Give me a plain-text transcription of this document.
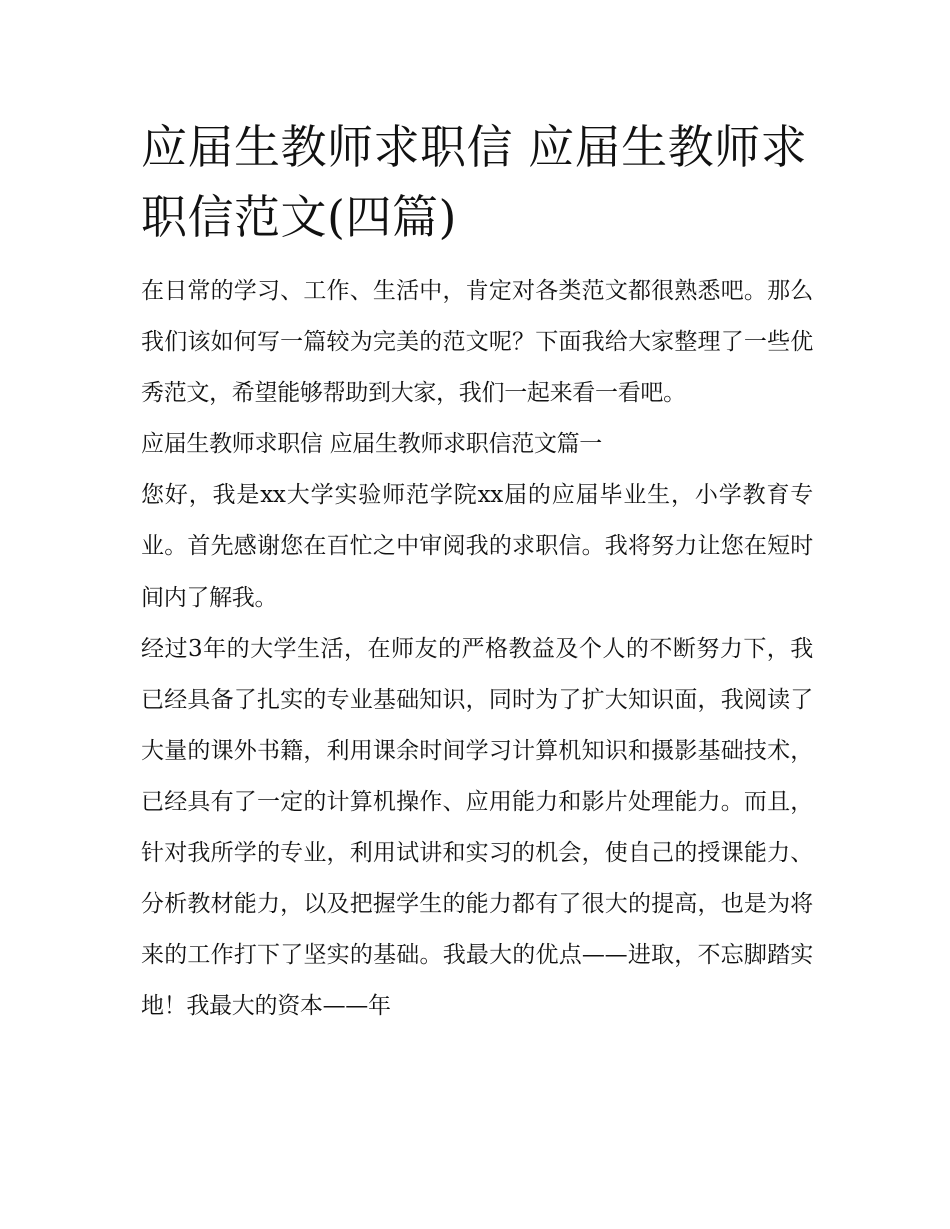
应届生教师求职信 应届生教师求职信范文(四篇)

在日常的学习、工作、生活中，肯定对各类范文都很熟悉吧。那么我们该如何写一篇较为完美的范文呢？下面我给大家整理了一些优秀范文，希望能够帮助到大家，我们一起来看一看吧。

应届生教师求职信 应届生教师求职信范文篇一

您好，我是xx大学实验师范学院xx届的应届毕业生，小学教育专业。首先感谢您在百忙之中审阅我的求职信。我将努力让您在短时间内了解我。

经过3年的大学生活，在师友的严格教益及个人的不断努力下，我已经具备了扎实的专业基础知识，同时为了扩大知识面，我阅读了大量的课外书籍，利用课余时间学习计算机知识和摄影基础技术，已经具有了一定的计算机操作、应用能力和影片处理能力。而且，针对我所学的专业，利用试讲和实习的机会，使自己的授课能力、分析教材能力，以及把握学生的能力都有了很大的提高，也是为将来的工作打下了坚实的基础。我最大的优点——进取，不忘脚踏实地！我最大的资本——年
